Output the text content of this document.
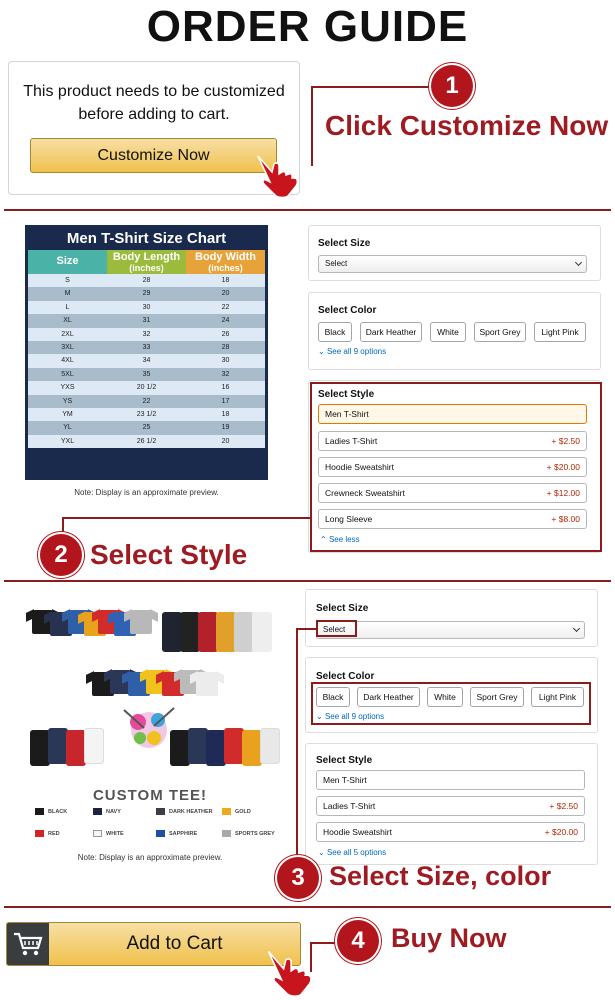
ORDER GUIDE
This product needs to be customized before adding to cart.
Customize Now
1
Click Customize Now
Men T-Shirt Size Chart
Size	Body Length
(inches)
Body Width
(inches)
S	28	18
M	29	20
L	30	22
XL	31	24
2XL	32	26
3XL	33	28
4XL	34	30
5XL	35	32
YXS	20 1/2	16
YS	22	17
YM	23 1/2	18
YL	25	19
YXL	26 1/2	20
Note: Display is an approximate preview.
Select Size
Select
Select Color
Black	Dark Heather	White	Sport Grey	Light Pink
⌄ See all 9 options
Select Style
Men T-Shirt
Ladies T-Shirt	+ $2.50
Hoodie Sweatshirt	+ $20.00
Crewneck Sweatshirt	+ $12.00
Long Sleeve	+ $8.00
⌃ See less
2 Select Style
CUSTOM TEE!
BLACK	NAVY	DARK HEATHER	GOLD
RED	WHITE	SAPPHIRE	SPORTS GREY
Note: Display is an approximate preview.
Select Size
Select
Select Color
Black	Dark Heather	White	Sport Grey	Light Pink
⌄ See all 9 options
Select Style
Men T-Shirt
Ladies T-Shirt	+ $2.50
Hoodie Sweatshirt	+ $20.00
⌄ See all 5 options
3 Select Size, color
Add to Cart	4 Buy Now
